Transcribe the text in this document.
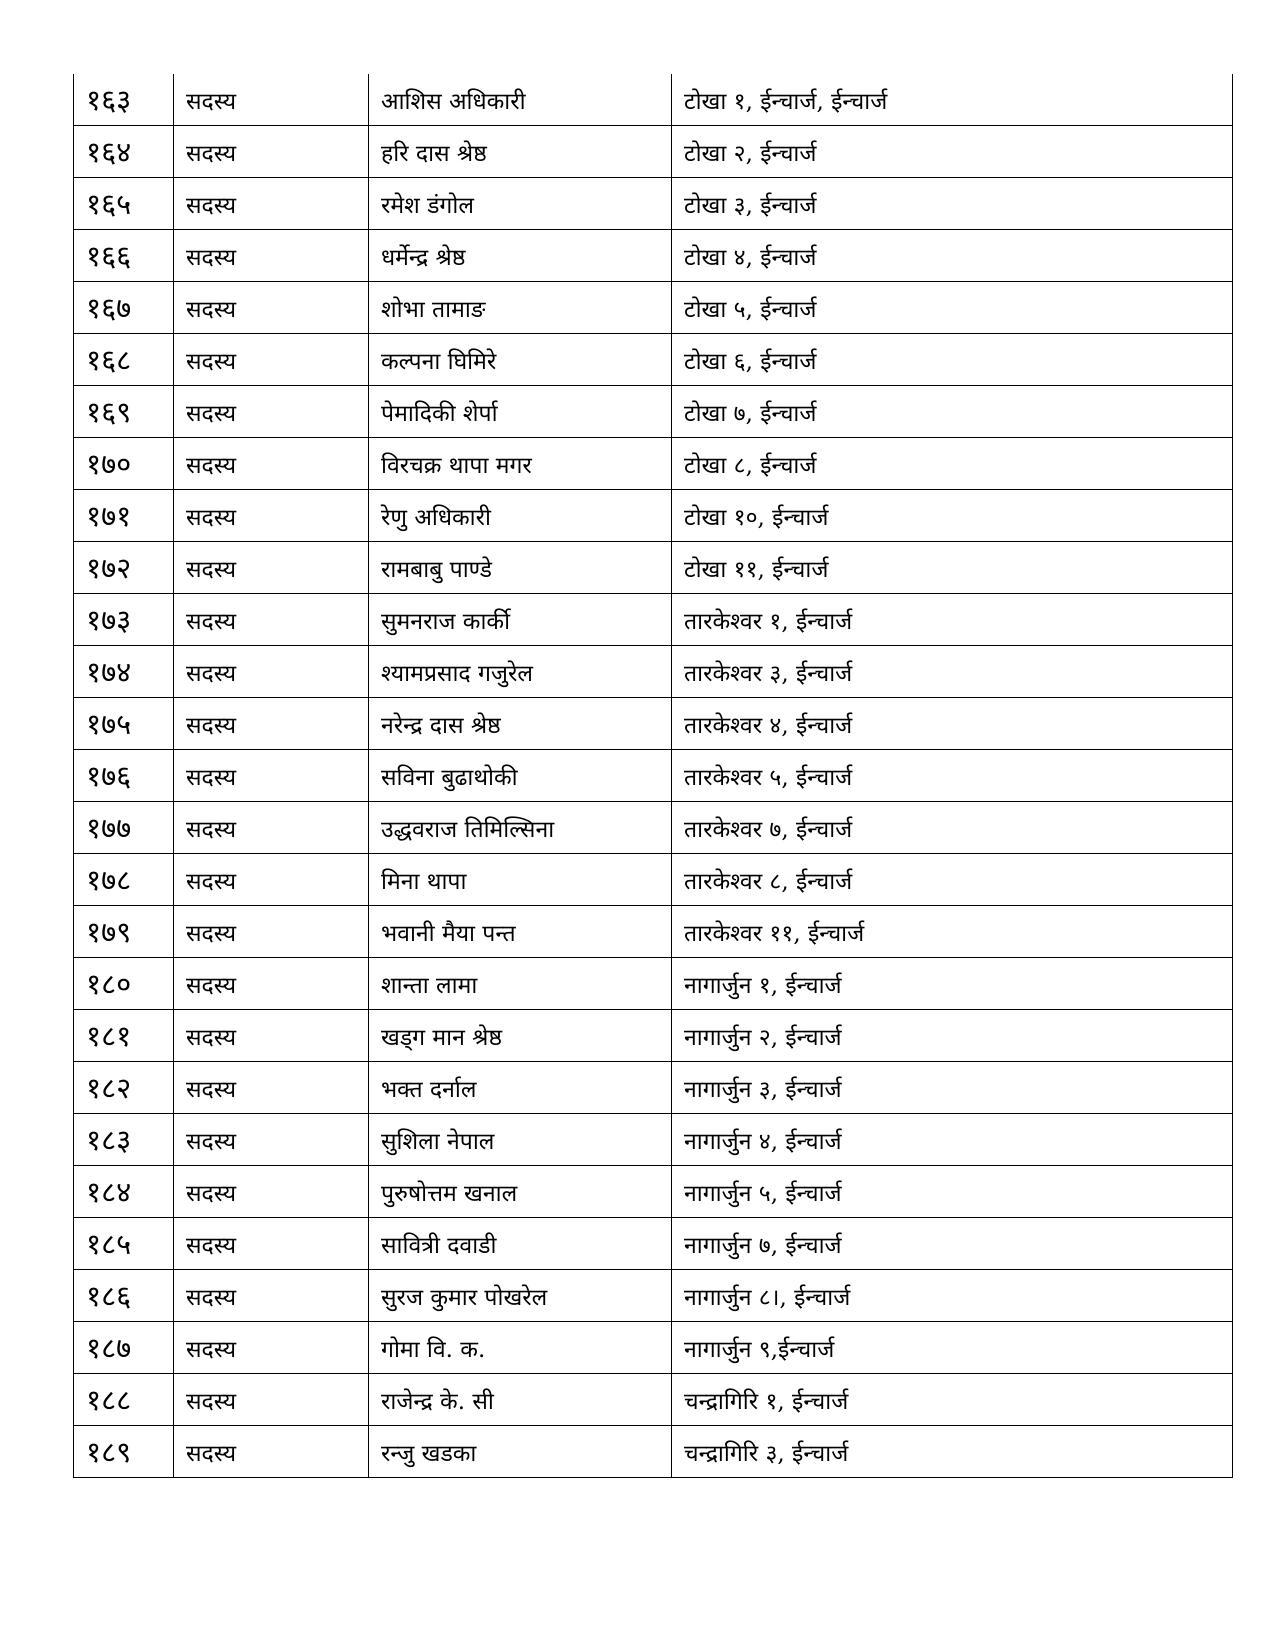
१६३	सदस्य	आशिस अधिकारी	टोखा १, ईन्चार्ज, ईन्चार्ज
१६४	सदस्य	हरि दास श्रेष्ठ	टोखा २, ईन्चार्ज
१६५	सदस्य	रमेश डंगोल	टोखा ३, ईन्चार्ज
१६६	सदस्य	धर्मेन्द्र श्रेष्ठ	टोखा ४, ईन्चार्ज
१६७	सदस्य	शोभा तामाङ	टोखा ५, ईन्चार्ज
१६८	सदस्य	कल्पना घिमिरे	टोखा ६, ईन्चार्ज
१६९	सदस्य	पेमादिकी शेर्पा	टोखा ७, ईन्चार्ज
१७०	सदस्य	विरचक्र थापा मगर	टोखा ८, ईन्चार्ज
१७१	सदस्य	रेणु अधिकारी	टोखा १०, ईन्चार्ज
१७२	सदस्य	रामबाबु पाण्डे	टोखा ११, ईन्चार्ज
१७३	सदस्य	सुमनराज कार्की	तारकेश्वर १, ईन्चार्ज
१७४	सदस्य	श्यामप्रसाद गजुरेल	तारकेश्वर ३, ईन्चार्ज
१७५	सदस्य	नरेन्द्र दास श्रेष्ठ	तारकेश्वर ४, ईन्चार्ज
१७६	सदस्य	सविना बुढाथोकी	तारकेश्वर ५, ईन्चार्ज
१७७	सदस्य	उद्धवराज तिमिल्सिना	तारकेश्वर ७, ईन्चार्ज
१७८	सदस्य	मिना थापा	तारकेश्वर ८, ईन्चार्ज
१७९	सदस्य	भवानी मैया पन्त	तारकेश्वर ११, ईन्चार्ज
१८०	सदस्य	शान्ता लामा	नागार्जुन १, ईन्चार्ज
१८१	सदस्य	खड्ग मान श्रेष्ठ	नागार्जुन २, ईन्चार्ज
१८२	सदस्य	भक्त दर्नाल	नागार्जुन ३, ईन्चार्ज
१८३	सदस्य	सुशिला नेपाल	नागार्जुन ४, ईन्चार्ज
१८४	सदस्य	पुरुषोत्तम खनाल	नागार्जुन ५, ईन्चार्ज
१८५	सदस्य	सावित्री दवाडी	नागार्जुन ७, ईन्चार्ज
१८६	सदस्य	सुरज कुमार पोखरेल	नागार्जुन ८।, ईन्चार्ज
१८७	सदस्य	गोमा वि. क.	नागार्जुन ९,ईन्चार्ज
१८८	सदस्य	राजेन्द्र के. सी	चन्द्रागिरि १, ईन्चार्ज
१८९	सदस्य	रन्जु खडका	चन्द्रागिरि ३, ईन्चार्ज
